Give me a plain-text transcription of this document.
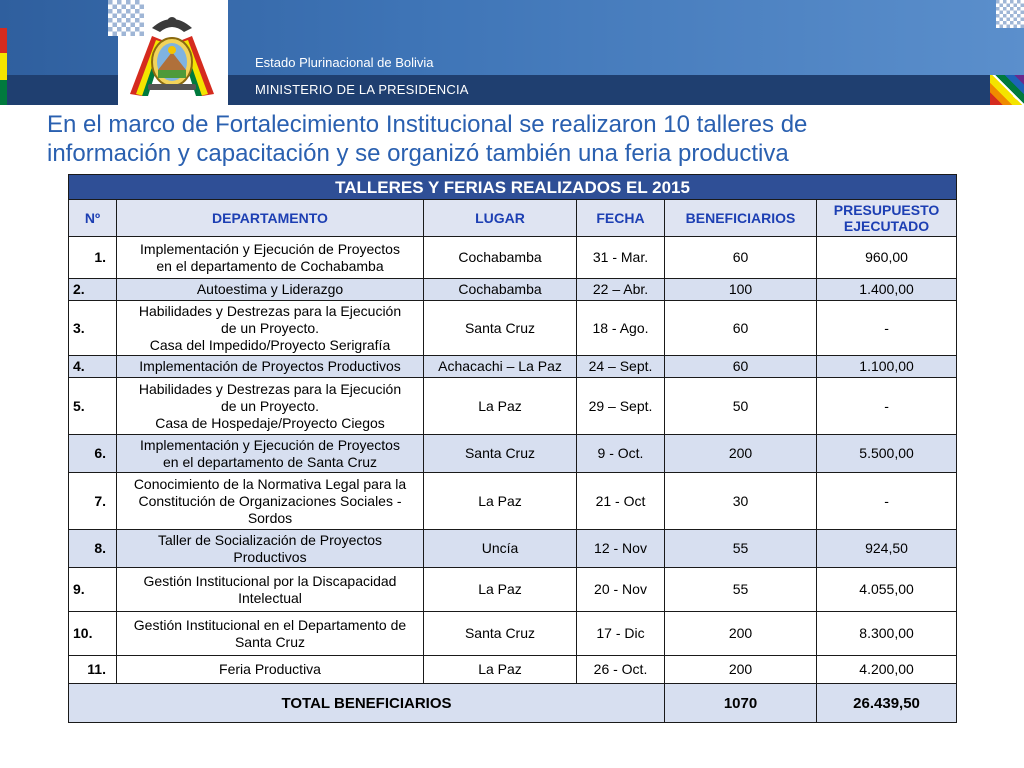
Estado Plurinacional de Bolivia
MINISTERIO DE LA PRESIDENCIA
En el marco de Fortalecimiento Institucional se realizaron 10 talleres de
información y capacitación y se organizó también una feria productiva
TALLERES Y FERIAS REALIZADOS EL 2015					
Nº	DEPARTAMENTO	LUGAR	FECHA	BENEFICIARIOS	PRESUPUESTO
EJECUTADO

1.	Implementación y Ejecución de Proyectos
en el departamento de Cochabamba	Cochabamba	31 - Mar.	60	960,00
2.	Autoestima y Liderazgo	Cochabamba	22 – Abr.	100	1.400,00
3.	Habilidades y Destrezas para la Ejecución
de un Proyecto.
Casa del Impedido/Proyecto Serigrafía	Santa Cruz	18 - Ago.	60	-
4.	Implementación de Proyectos Productivos	Achacachi – La Paz	24 – Sept.	60	1.100,00
5.	Habilidades y Destrezas para la Ejecución
de un Proyecto.
Casa de Hospedaje/Proyecto Ciegos	La Paz	29 – Sept.	50	-
6.	Implementación y Ejecución de Proyectos
en el departamento de Santa Cruz	Santa Cruz	9 - Oct.	200	5.500,00
7.	Conocimiento de la Normativa Legal para la
Constitución de Organizaciones Sociales -
Sordos	La Paz	21 - Oct	30	-
8.	Taller de Socialización de Proyectos
Productivos	Uncía	12 - Nov	55	924,50
9.	Gestión Institucional por la Discapacidad
Intelectual	La Paz	20 - Nov	55	4.055,00
10.	Gestión Institucional en el Departamento de
Santa Cruz	Santa Cruz	17 - Dic	200	8.300,00
11.	Feria Productiva	La Paz	26 - Oct.	200	4.200,00
TOTAL BENEFICIARIOS				1070	26.439,50
